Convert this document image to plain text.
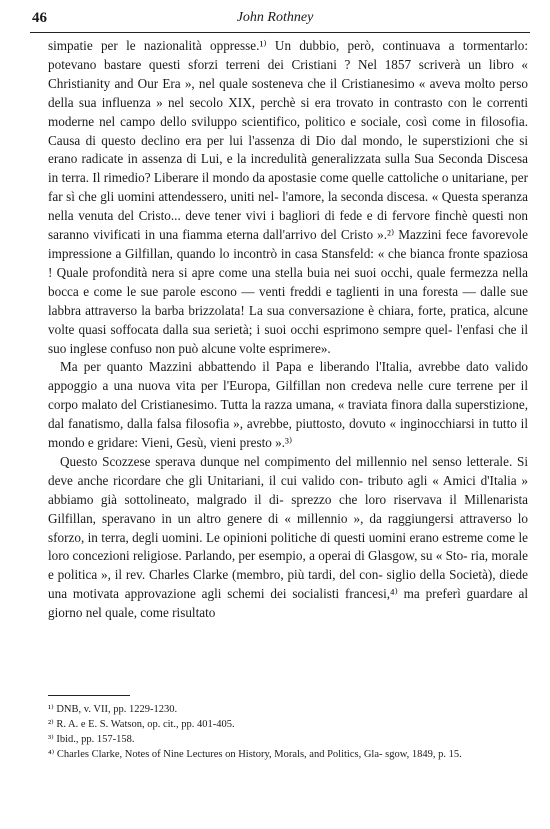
46	John Rothney

simpatie per le nazionalità oppresse.¹⁾ Un dubbio, però, continuava a tormentarlo: potevano bastare questi sforzi terreni dei Cristiani ? Nel 1857 scriverà un libro « Christianity and Our Era », nel quale sosteneva che il Cristianesimo « aveva molto perso della sua influenza » nel secolo XIX, perchè si era trovato in contrasto con le correnti moderne nel campo dello sviluppo scientifico, politico e sociale, così come in filosofia. Causa di questo declino era per lui l'assenza di Dio dal mondo, le superstizioni che si erano radicate in assenza di Lui, e la incredulità generalizzata sulla Sua Seconda Discesa in terra. Il rimedio? Liberare il mondo da apostasie come quelle cattoliche o unitariane, per far sì che gli uomini attendessero, uniti nel- l'amore, la seconda discesa. « Questa speranza nella venuta del Cristo... deve tener vivi i bagliori di fede e di fervore finchè questi non saranno vivificati in una fiamma eterna dall'arrivo del Cristo ».²⁾ Mazzini fece favorevole impressione a Gilfillan, quando lo incontrò in casa Stansfeld: « che bianca fronte spaziosa ! Quale profondità nera si apre come una stella buia nei suoi occhi, quale fermezza nella bocca e come le sue parole escono — venti freddi e taglienti in una foresta — dalle sue labbra attraverso la barba brizzolata! La sua conversazione è chiara, forte, pratica, alcune volte quasi soffocata dalla sua serietà; i suoi occhi esprimono sempre quel- l'enfasi che il suo inglese confuso non può alcune volte esprimere».

Ma per quanto Mazzini abbattendo il Papa e liberando l'Italia, avrebbe dato valido appoggio a una nuova vita per l'Europa, Gilfillan non credeva nelle cure terrene per il corpo malato del Cristianesimo. Tutta la razza umana, « traviata finora dalla superstizione, dal fanatismo, dalla falsa filosofia », avrebbe, piuttosto, dovuto « inginocchiarsi in tutto il mondo e gridare: Vieni, Gesù, vieni presto ».³⁾

Questo Scozzese sperava dunque nel compimento del millennio nel senso letterale. Si deve anche ricordare che gli Unitariani, il cui valido con- tributo agli « Amici d'Italia » abbiamo già sottolineato, malgrado il di- sprezzo che loro riservava il Millenarista Gilfillan, speravano in un altro genere di « millennio », da raggiungersi attraverso lo sforzo, in terra, degli uomini. Le opinioni politiche di questi uomini erano estreme come le loro concezioni religiose. Parlando, per esempio, a operai di Glasgow, su « Sto- ria, morale e politica », il rev. Charles Clarke (membro, più tardi, del con- siglio della Società), diede una motivata approvazione agli schemi dei socialisti francesi,⁴⁾ ma preferì guardare al giorno nel quale, come risultato

¹⁾ DNB, v. VII, pp. 1229-1230.

²⁾ R. A. e E. S. Watson, op. cit., pp. 401-405.

³⁾ Ibid., pp. 157-158.

⁴⁾ Charles Clarke, Notes of Nine Lectures on History, Morals, and Politics, Gla- sgow, 1849, p. 15.
